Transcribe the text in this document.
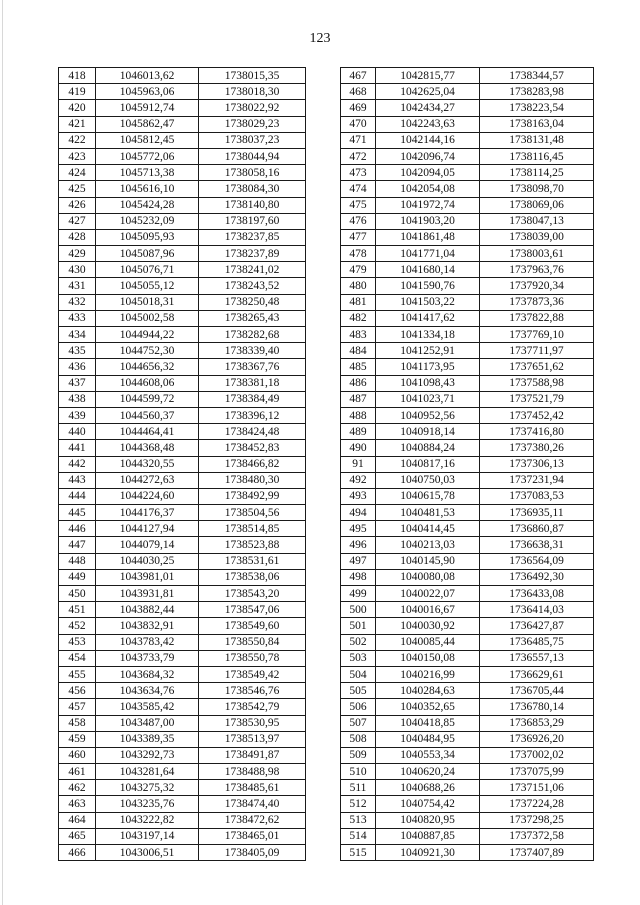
123
418	1046013,62	1738015,35
419	1045963,06	1738018,30
420	1045912,74	1738022,92
421	1045862,47	1738029,23
422	1045812,45	1738037,23
423	1045772,06	1738044,94
424	1045713,38	1738058,16
425	1045616,10	1738084,30
426	1045424,28	1738140,80
427	1045232,09	1738197,60
428	1045095,93	1738237,85
429	1045087,96	1738237,89
430	1045076,71	1738241,02
431	1045055,12	1738243,52
432	1045018,31	1738250,48
433	1045002,58	1738265,43
434	1044944,22	1738282,68
435	1044752,30	1738339,40
436	1044656,32	1738367,76
437	1044608,06	1738381,18
438	1044599,72	1738384,49
439	1044560,37	1738396,12
440	1044464,41	1738424,48
441	1044368,48	1738452,83
442	1044320,55	1738466,82
443	1044272,63	1738480,30
444	1044224,60	1738492,99
445	1044176,37	1738504,56
446	1044127,94	1738514,85
447	1044079,14	1738523,88
448	1044030,25	1738531,61
449	1043981,01	1738538,06
450	1043931,81	1738543,20
451	1043882,44	1738547,06
452	1043832,91	1738549,60
453	1043783,42	1738550,84
454	1043733,79	1738550,78
455	1043684,32	1738549,42
456	1043634,76	1738546,76
457	1043585,42	1738542,79
458	1043487,00	1738530,95
459	1043389,35	1738513,97
460	1043292,73	1738491,87
461	1043281,64	1738488,98
462	1043275,32	1738485,61
463	1043235,76	1738474,40
464	1043222,82	1738472,62
465	1043197,14	1738465,01
466	1043006,51	1738405,09
467	1042815,77	1738344,57
468	1042625,04	1738283,98
469	1042434,27	1738223,54
470	1042243,63	1738163,04
471	1042144,16	1738131,48
472	1042096,74	1738116,45
473	1042094,05	1738114,25
474	1042054,08	1738098,70
475	1041972,74	1738069,06
476	1041903,20	1738047,13
477	1041861,48	1738039,00
478	1041771,04	1738003,61
479	1041680,14	1737963,76
480	1041590,76	1737920,34
481	1041503,22	1737873,36
482	1041417,62	1737822,88
483	1041334,18	1737769,10
484	1041252,91	1737711,97
485	1041173,95	1737651,62
486	1041098,43	1737588,98
487	1041023,71	1737521,79
488	1040952,56	1737452,42
489	1040918,14	1737416,80
490	1040884,24	1737380,26
91	1040817,16	1737306,13
492	1040750,03	1737231,94
493	1040615,78	1737083,53
494	1040481,53	1736935,11
495	1040414,45	1736860,87
496	1040213,03	1736638,31
497	1040145,90	1736564,09
498	1040080,08	1736492,30
499	1040022,07	1736433,08
500	1040016,67	1736414,03
501	1040030,92	1736427,87
502	1040085,44	1736485,75
503	1040150,08	1736557,13
504	1040216,99	1736629,61
505	1040284,63	1736705,44
506	1040352,65	1736780,14
507	1040418,85	1736853,29
508	1040484,95	1736926,20
509	1040553,34	1737002,02
510	1040620,24	1737075,99
511	1040688,26	1737151,06
512	1040754,42	1737224,28
513	1040820,95	1737298,25
514	1040887,85	1737372,58
515	1040921,30	1737407,89
